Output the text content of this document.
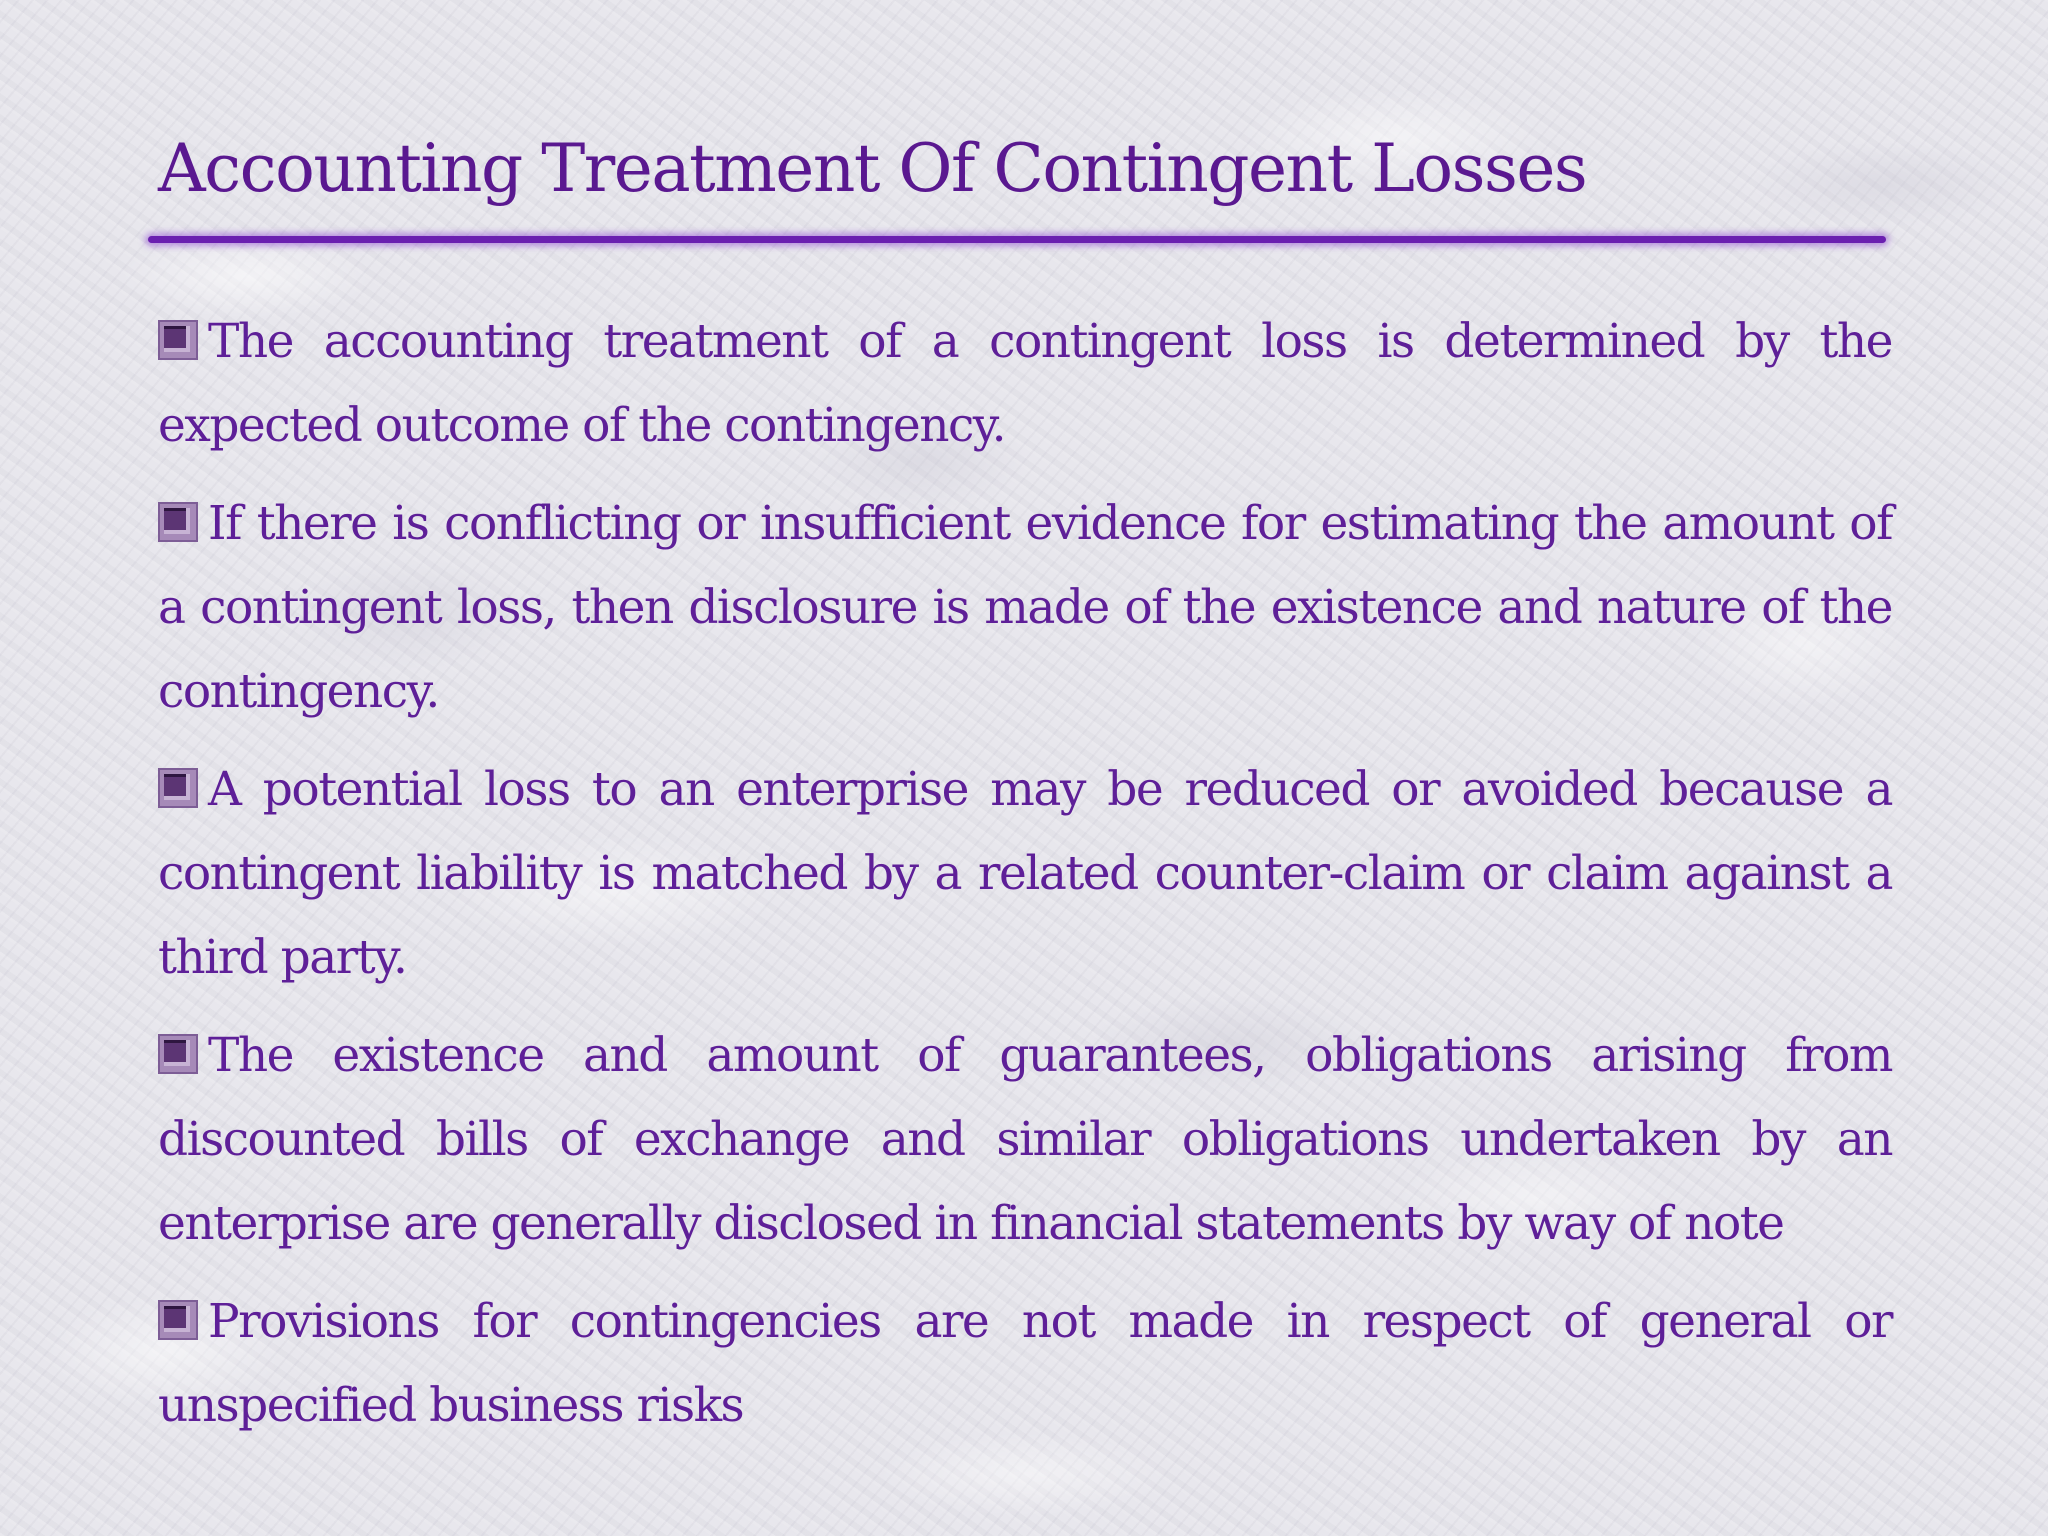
Accounting Treatment Of Contingent Losses
The accounting treatment of a contingent loss is determined by the expected outcome of the contingency.
If there is conflicting or insufficient evidence for estimating the amount of a contingent loss, then disclosure is made of the existence and nature of the contingency.
A potential loss to an enterprise may be reduced or avoided because a contingent liability is matched by a related counter-claim or claim against a third party.
The existence and amount of guarantees, obligations arising from discounted bills of exchange and similar obligations undertaken by an enterprise are generally disclosed in financial statements by way of note
Provisions for contingencies are not made in respect of general or unspecified business risks
